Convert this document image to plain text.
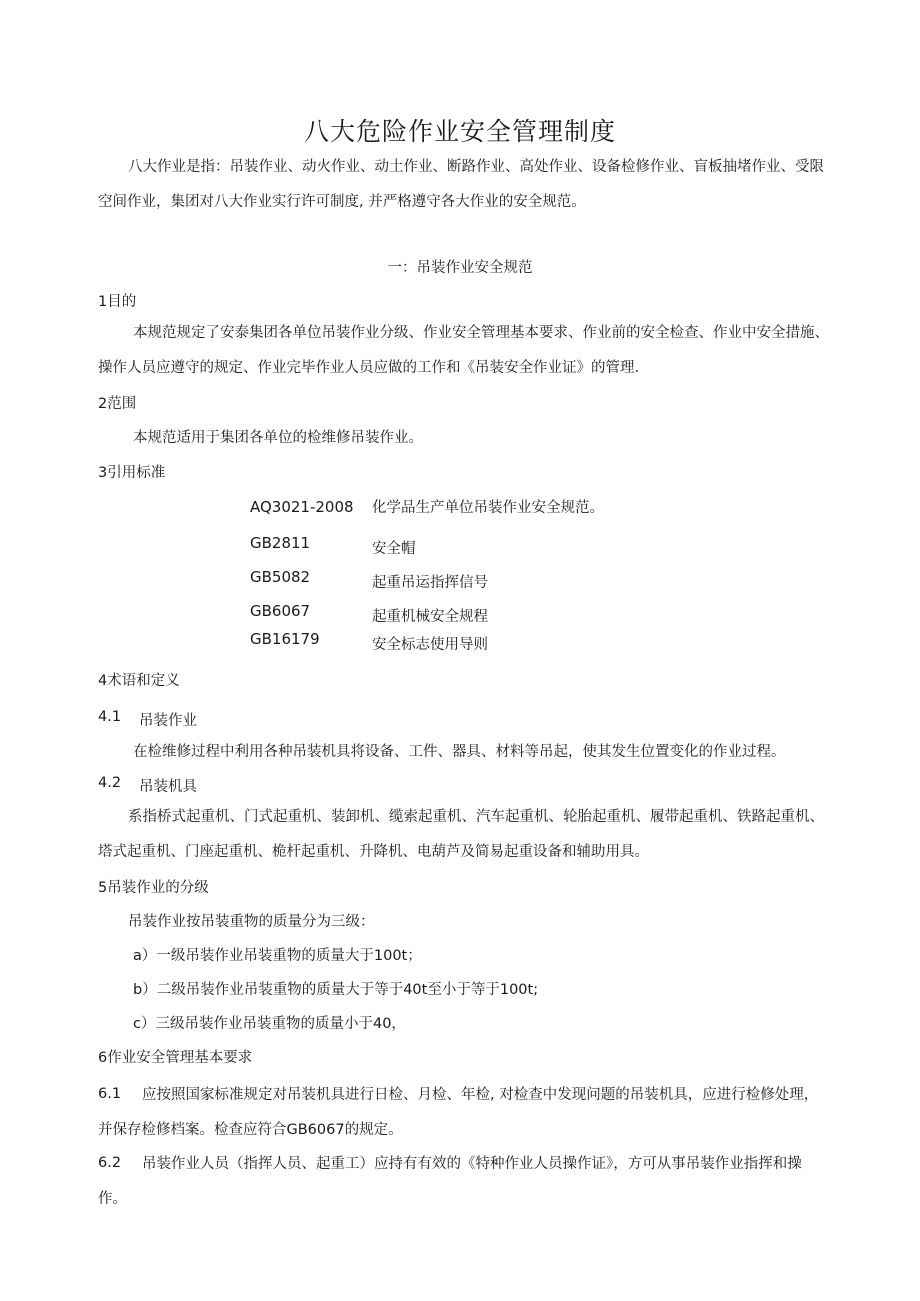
八大危险作业安全管理制度
八大作业是指：吊装作业、动火作业、动土作业、断路作业、高处作业、设备检修作业、盲板抽堵作业、受限空间作业，集团对八大作业实行许可制度, 并严格遵守各大作业的安全规范。
一：吊装作业安全规范
1目的
本规范规定了安泰集团各单位吊装作业分级、作业安全管理基本要求、作业前的安全检查、作业中安全措施、操作人员应遵守的规定、作业完毕作业人员应做的工作和《吊装安全作业证》的管理.
2范围
本规范适用于集团各单位的检维修吊装作业。
3引用标准
AQ3021-2008 化学品生产单位吊装作业安全规范。
GB2811	安全帽
GB5082	起重吊运指挥信号
GB6067	起重机械安全规程
GB16179	安全标志使用导则
4术语和定义
4.1 吊装作业
在检维修过程中利用各种吊装机具将设备、工件、器具、材料等吊起，使其发生位置变化的作业过程。
4.2 吊装机具
系指桥式起重机、门式起重机、装卸机、缆索起重机、汽车起重机、轮胎起重机、履带起重机、铁路起重机、塔式起重机、门座起重机、桅杆起重机、升降机、电葫芦及简易起重设备和辅助用具。
5吊装作业的分级
吊装作业按吊装重物的质量分为三级：
a）一级吊装作业吊装重物的质量大于100t；
b）二级吊装作业吊装重物的质量大于等于40t至小于等于100t;
c）三级吊装作业吊装重物的质量小于40，
6作业安全管理基本要求
6.1	应按照国家标准规定对吊装机具进行日检、月检、年检, 对检查中发现问题的吊装机具，应进行检修处理，并保存检修档案。检查应符合GB6067的规定。
6.2	吊装作业人员（指挥人员、起重工）应持有有效的《特种作业人员操作证》，方可从事吊装作业指挥和操作。
